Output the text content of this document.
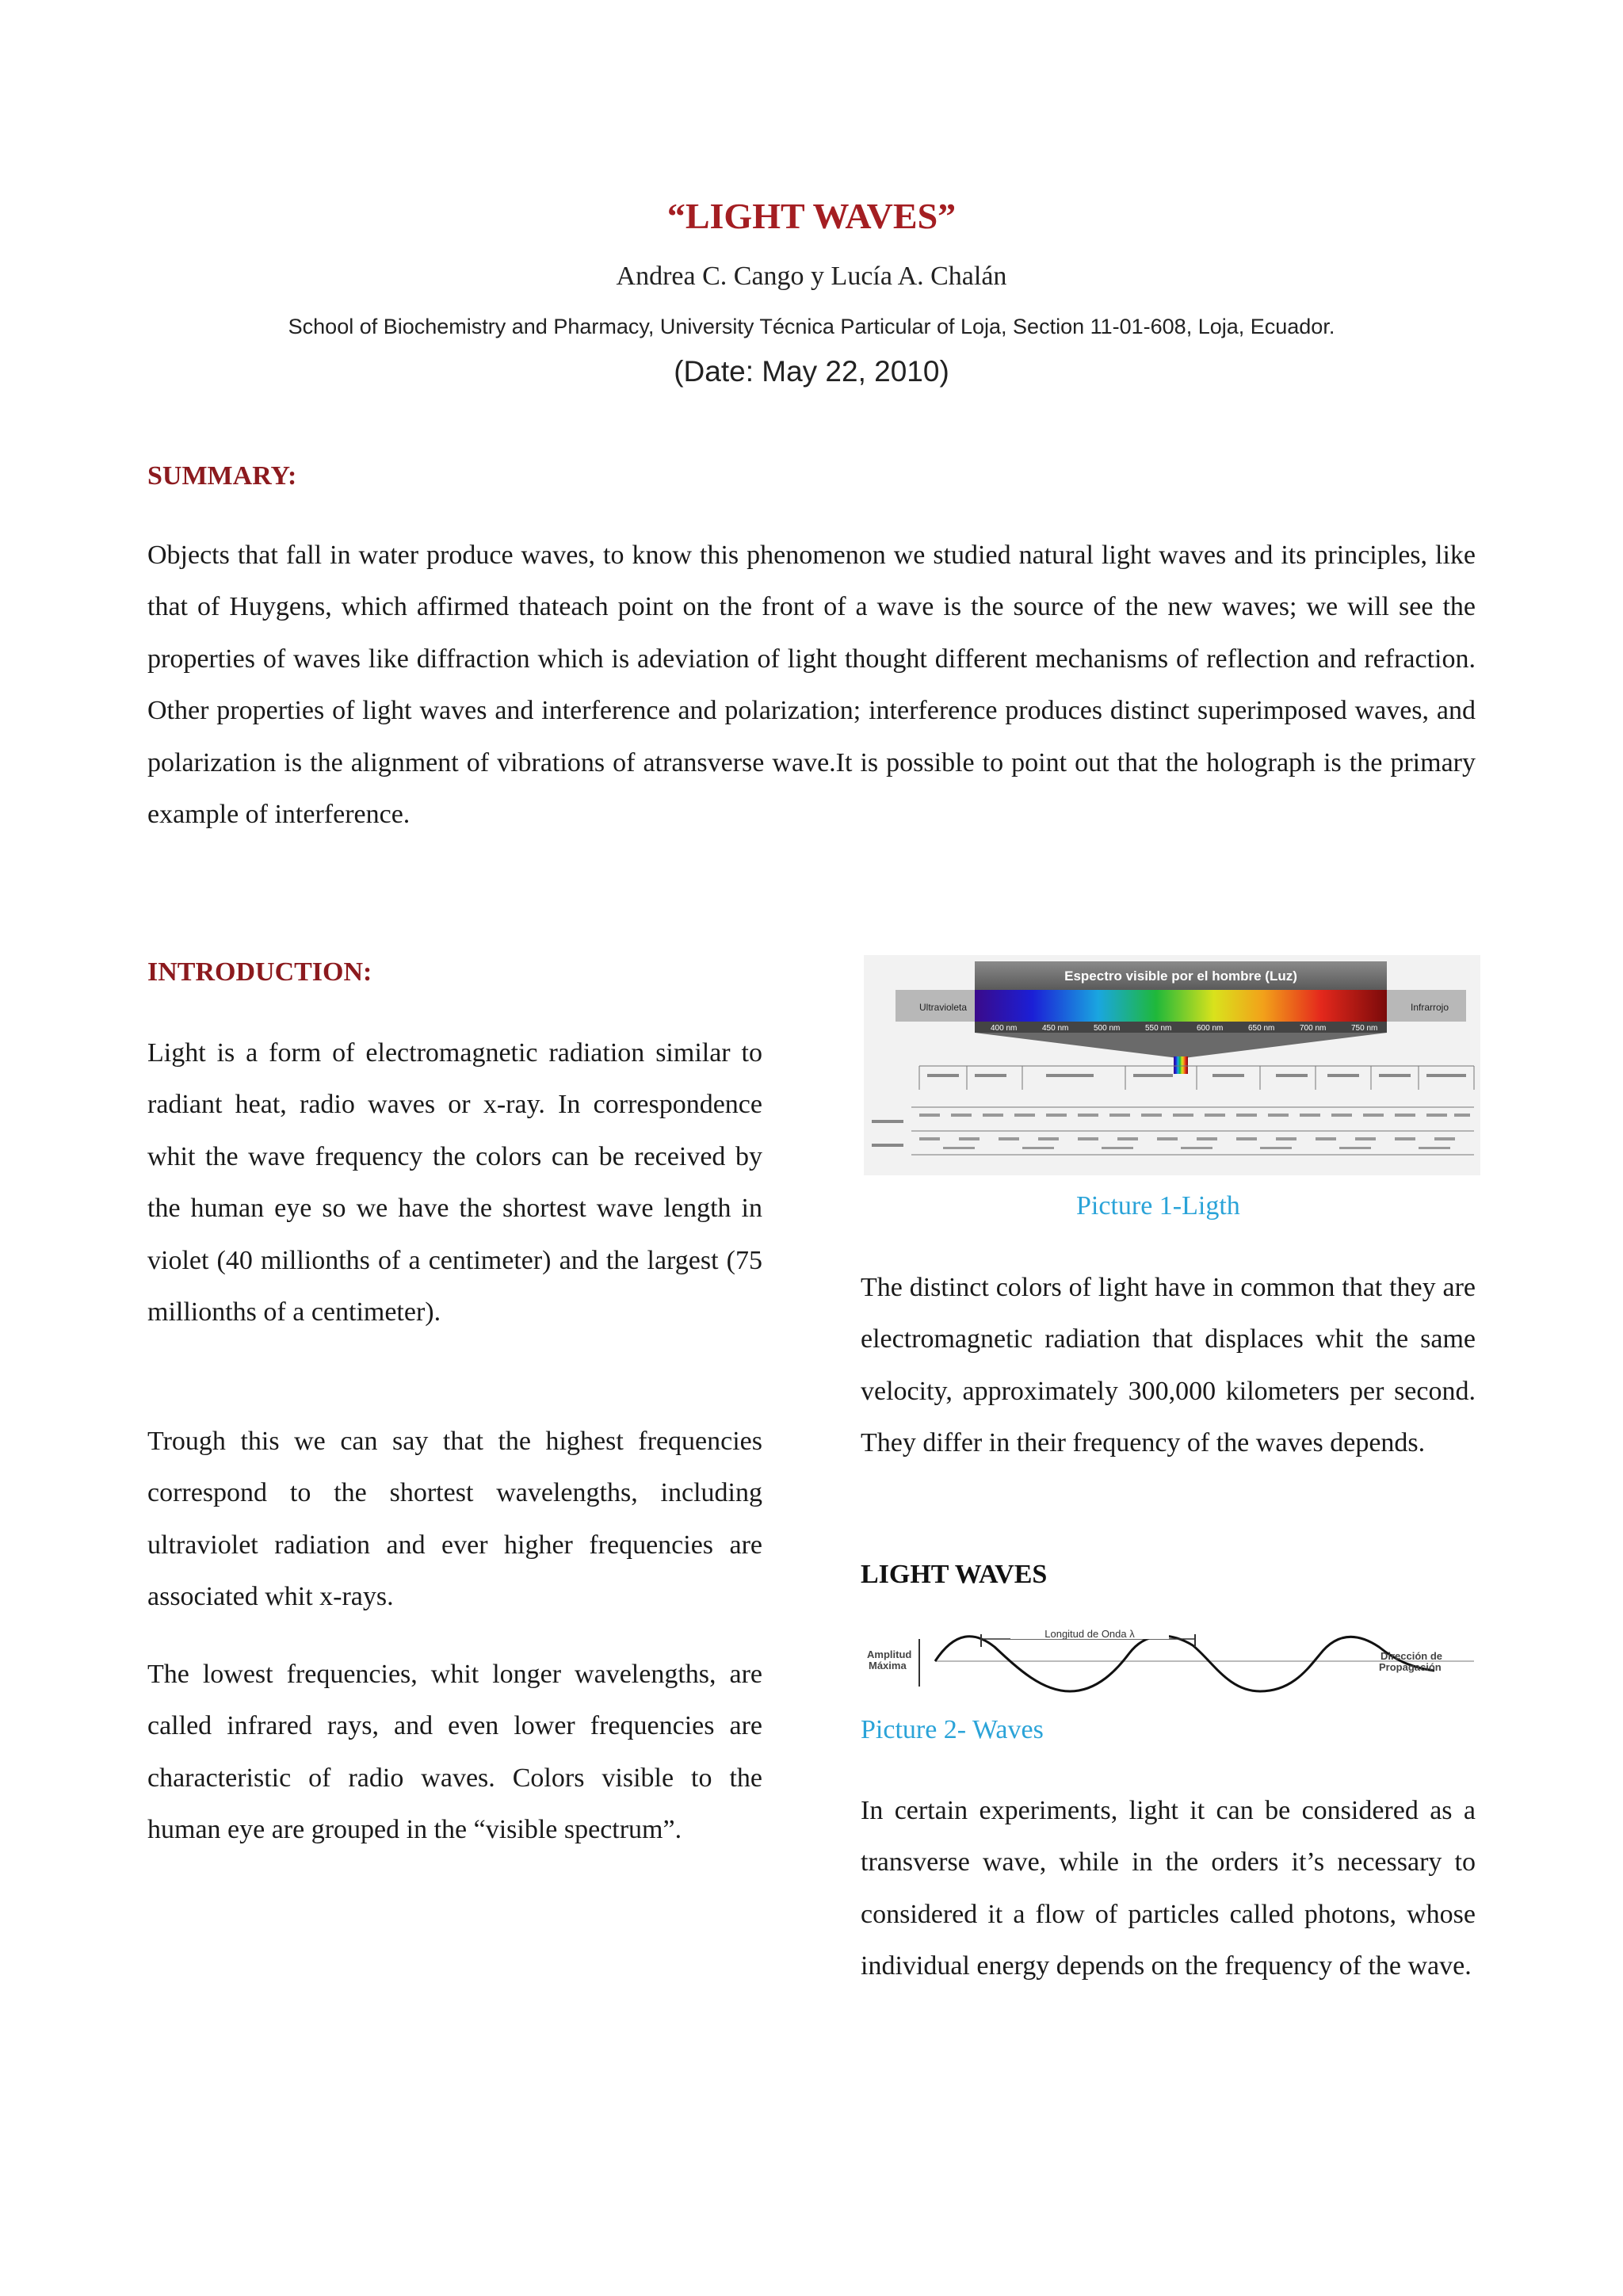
“LIGHT WAVES”
Andrea C. Cango y Lucía A. Chalán
School of Biochemistry and Pharmacy, University Técnica Particular of Loja, Section 11-01-608, Loja, Ecuador.
(Date: May 22, 2010)
SUMMARY:

Objects that fall in water produce waves, to know this phenomenon we studied natural light waves and its principles, like that of Huygens, which affirmed thateach point on the front of a wave is the source of the new waves; we will see the properties of waves like diffraction which is adeviation of light thought different mechanisms of reflection and refraction. Other properties of light waves and interference and polarization; interference produces distinct superimposed waves, and polarization is the alignment of vibrations of atransverse wave.It is possible to point out that the holograph is the primary example of interference.

INTRODUCTION:

Light is a form of electromagnetic radiation similar to radiant heat, radio waves or x-ray. In correspondence whit the wave frequency the colors can be received by the human eye so we have the shortest wave length in violet (40 millionths of a centimeter) and the largest (75 millionths of a centimeter).

Trough this we can say that the highest frequencies correspond to the shortest wavelengths, including ultraviolet radiation and ever higher frequencies are associated whit x-rays.

The lowest frequencies, whit longer wavelengths, are called infrared rays, and even lower frequencies are characteristic of radio waves. Colors visible to the human eye are grouped in the “visible spectrum”.

Espectro visible por el hombre (Luz)
Ultravioleta	Infrarrojo
400 nm	450 nm	500 nm	550 nm	600 nm	650 nm	700 nm	750 nm
Picture 1-Ligth

The distinct colors of light have in common that they are electromagnetic radiation that displaces whit the same velocity, approximately 300,000 kilometers per second. They differ in their frequency of the waves depends.

LIGHT WAVES
Longitud de Onda λ
Amplitud
Máxima
Dirección de
Propagación
Picture 2- Waves

In certain experiments, light it can be considered as a transverse wave, while in the orders it’s necessary to considered it a flow of particles called photons, whose individual energy depends on the frequency of the wave.
